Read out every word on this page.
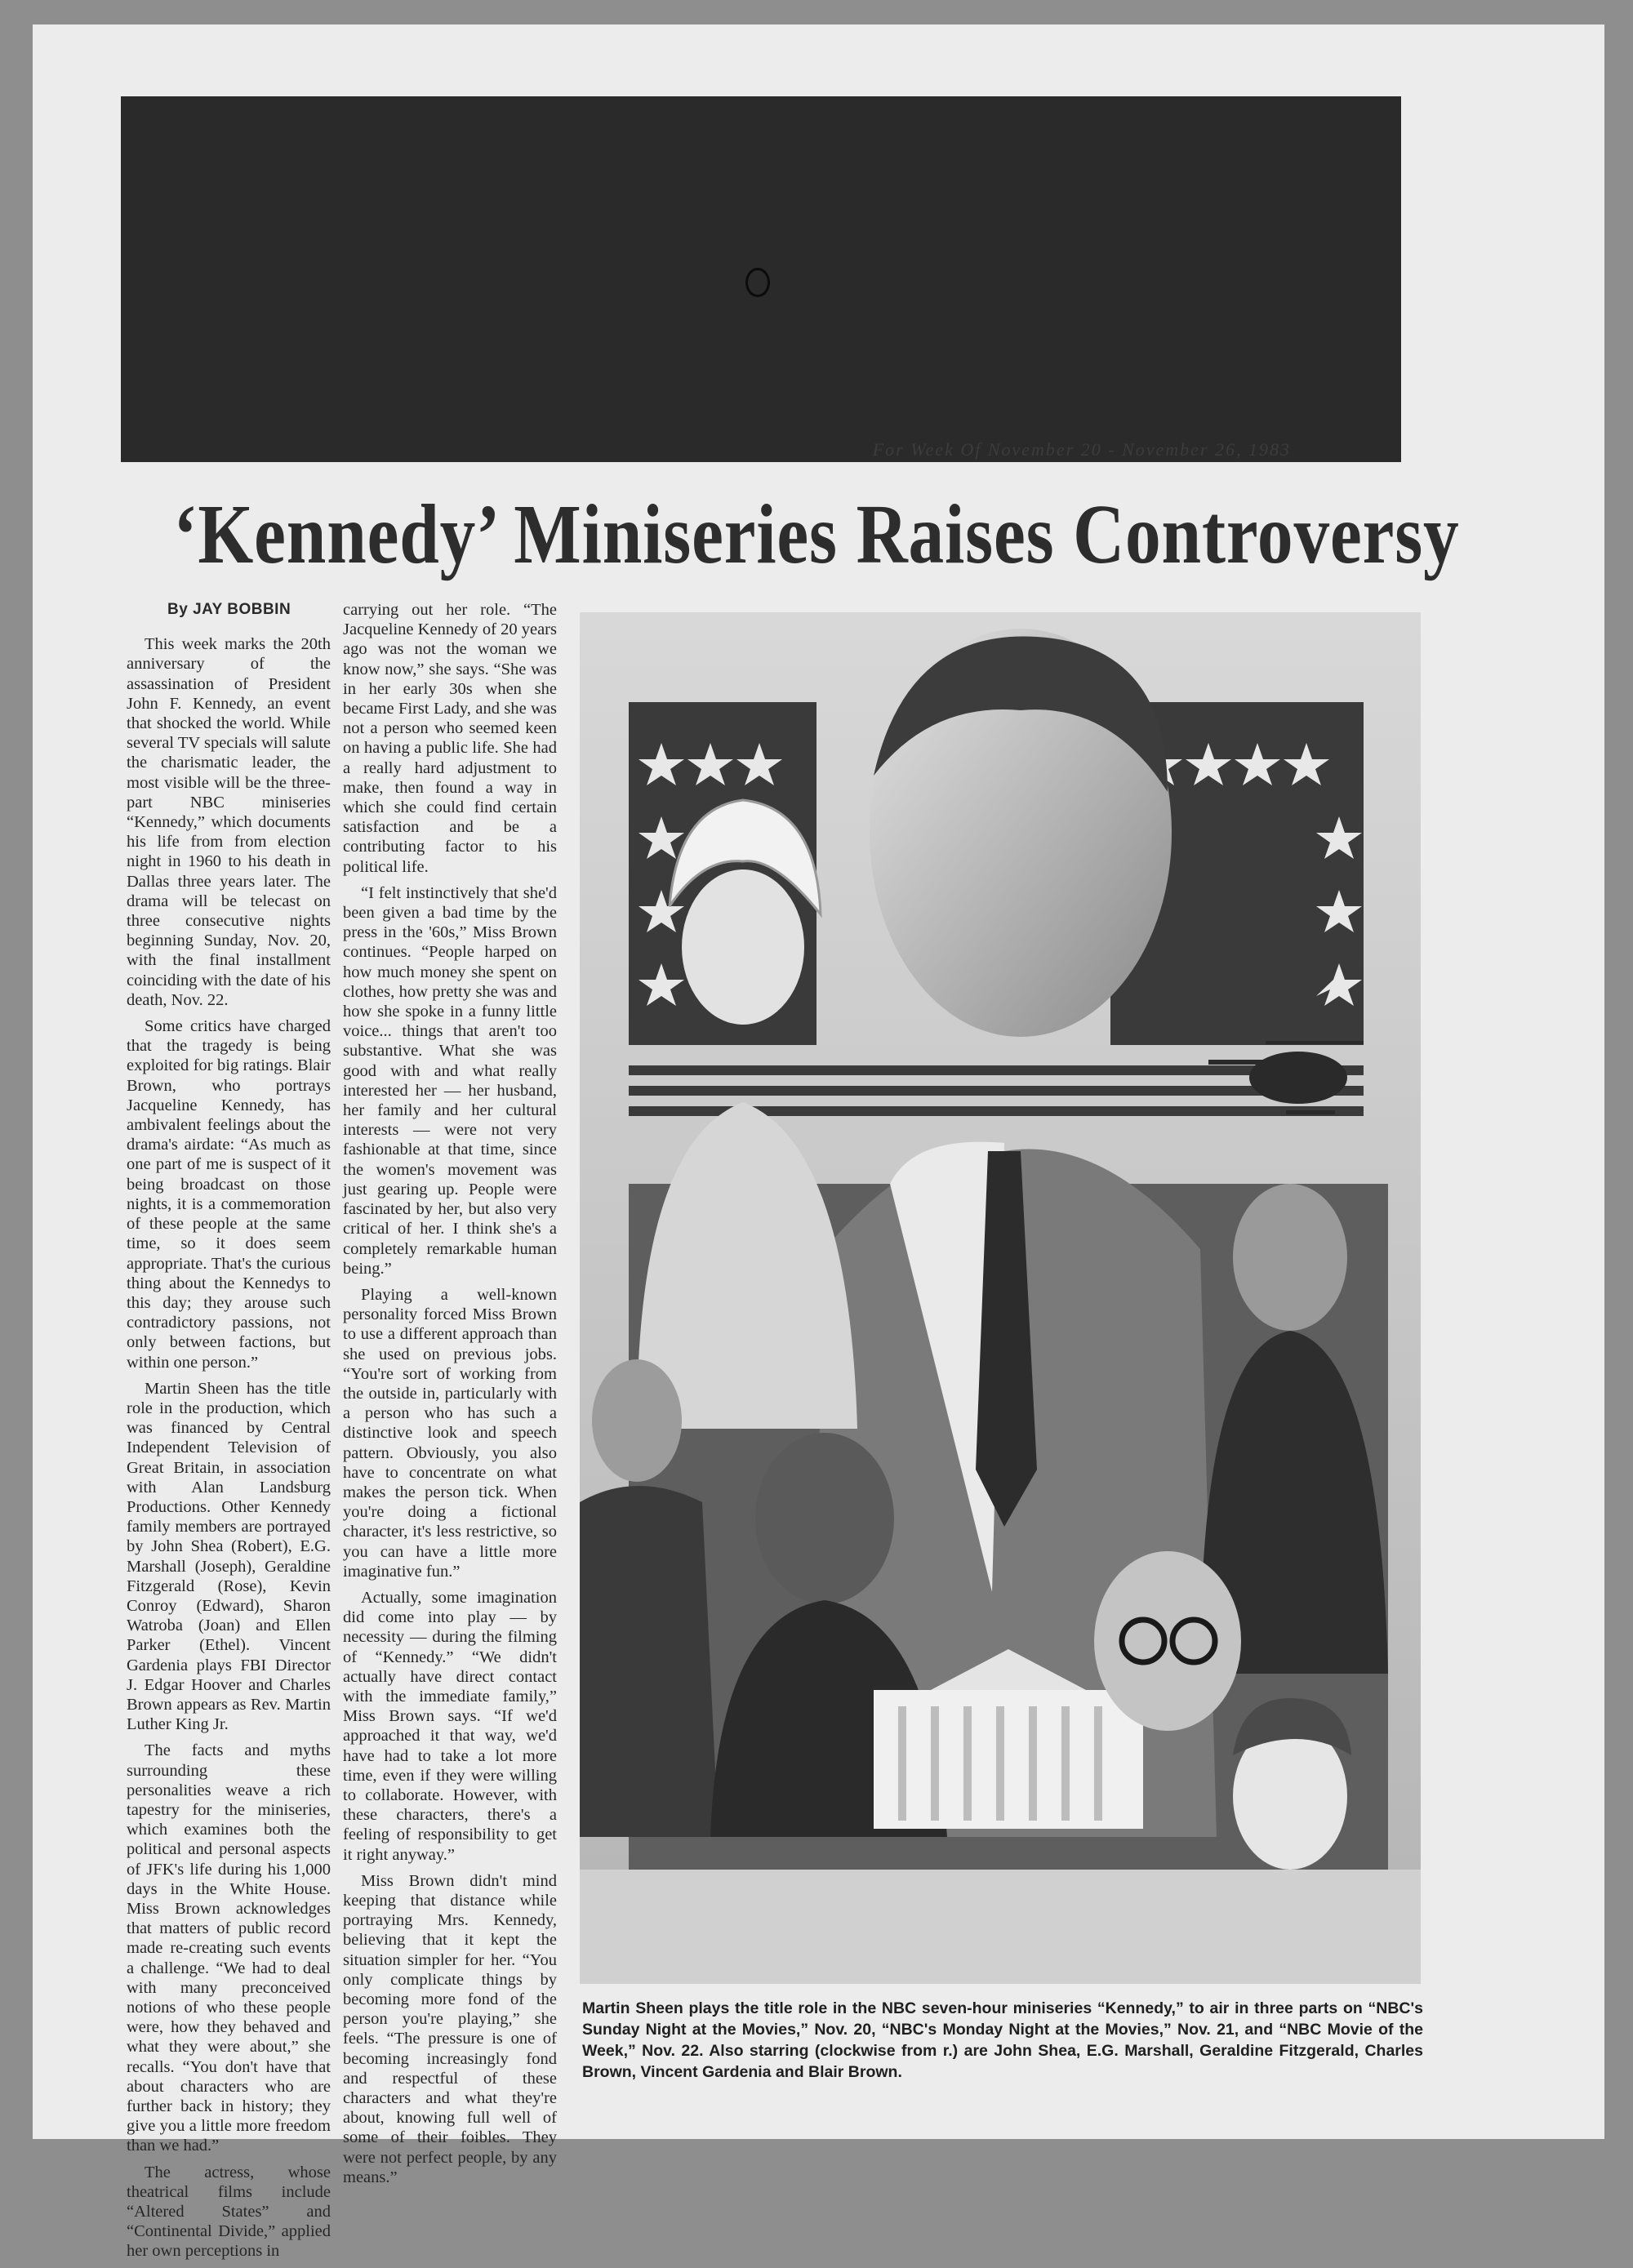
For Week Of November 20 - November 26, 1983
‘Kennedy’ Miniseries Raises Controversy
By JAY BOBBIN

This week marks the 20th anniversary of the assassination of President John F. Kennedy, an event that shocked the world. While several TV specials will salute the charismatic leader, the most visible will be the three-part NBC miniseries “Kennedy,” which documents his life from from election night in 1960 to his death in Dallas three years later. The drama will be telecast on three consecutive nights beginning Sunday, Nov. 20, with the final installment coinciding with the date of his death, Nov. 22.

Some critics have charged that the tragedy is being exploited for big ratings. Blair Brown, who portrays Jacqueline Kennedy, has ambivalent feelings about the drama's airdate: “As much as one part of me is suspect of it being broadcast on those nights, it is a commemoration of these people at the same time, so it does seem appropriate. That's the curious thing about the Kennedys to this day; they arouse such contradictory passions, not only between factions, but within one person.”

Martin Sheen has the title role in the production, which was financed by Central Independent Television of Great Britain, in association with Alan Landsburg Productions. Other Kennedy family members are portrayed by John Shea (Robert), E.G. Marshall (Joseph), Geraldine Fitzgerald (Rose), Kevin Conroy (Edward), Sharon Watroba (Joan) and Ellen Parker (Ethel). Vincent Gardenia plays FBI Director J. Edgar Hoover and Charles Brown appears as Rev. Martin Luther King Jr.

The facts and myths surrounding these personalities weave a rich tapestry for the miniseries, which examines both the political and personal aspects of JFK's life during his 1,000 days in the White House. Miss Brown acknowledges that matters of public record made re-creating such events a challenge. “We had to deal with many preconceived notions of who these people were, how they behaved and what they were about,” she recalls. “You don't have that about characters who are further back in history; they give you a little more freedom than we had.”

The actress, whose theatrical films include “Altered States” and “Continental Divide,” applied her own perceptions in

carrying out her role. “The Jacqueline Kennedy of 20 years ago was not the woman we know now,” she says. “She was in her early 30s when she became First Lady, and she was not a person who seemed keen on having a public life. She had a really hard adjustment to make, then found a way in which she could find certain satisfaction and be a contributing factor to his political life.

“I felt instinctively that she'd been given a bad time by the press in the '60s,” Miss Brown continues. “People harped on how much money she spent on clothes, how pretty she was and how she spoke in a funny little voice... things that aren't too substantive. What she was good with and what really interested her — her husband, her family and her cultural interests — were not very fashionable at that time, since the women's movement was just gearing up. People were fascinated by her, but also very critical of her. I think she's a completely remarkable human being.”

Playing a well-known personality forced Miss Brown to use a different approach than she used on previous jobs. “You're sort of working from the outside in, particularly with a person who has such a distinctive look and speech pattern. Obviously, you also have to concentrate on what makes the person tick. When you're doing a fictional character, it's less restrictive, so you can have a little more imaginative fun.”

Actually, some imagination did come into play — by necessity — during the filming of “Kennedy.” “We didn't actually have direct contact with the immediate family,” Miss Brown says. “If we'd approached it that way, we'd have had to take a lot more time, even if they were willing to collaborate. However, with these characters, there's a feeling of responsibility to get it right anyway.”

Miss Brown didn't mind keeping that distance while portraying Mrs. Kennedy, believing that it kept the situation simpler for her. “You only complicate things by becoming more fond of the person you're playing,” she feels. “The pressure is one of becoming increasingly fond and respectful of these characters and what they're about, knowing full well of some of their foibles. They were not perfect people, by any means.”

Martin Sheen plays the title role in the NBC seven-hour miniseries “Kennedy,” to air in three parts on “NBC's Sunday Night at the Movies,” Nov. 20, “NBC's Monday Night at the Movies,” Nov. 21, and “NBC Movie of the Week,” Nov. 22. Also starring (clockwise from r.) are John Shea, E.G. Marshall, Geraldine Fitzgerald, Charles Brown, Vincent Gardenia and Blair Brown.
